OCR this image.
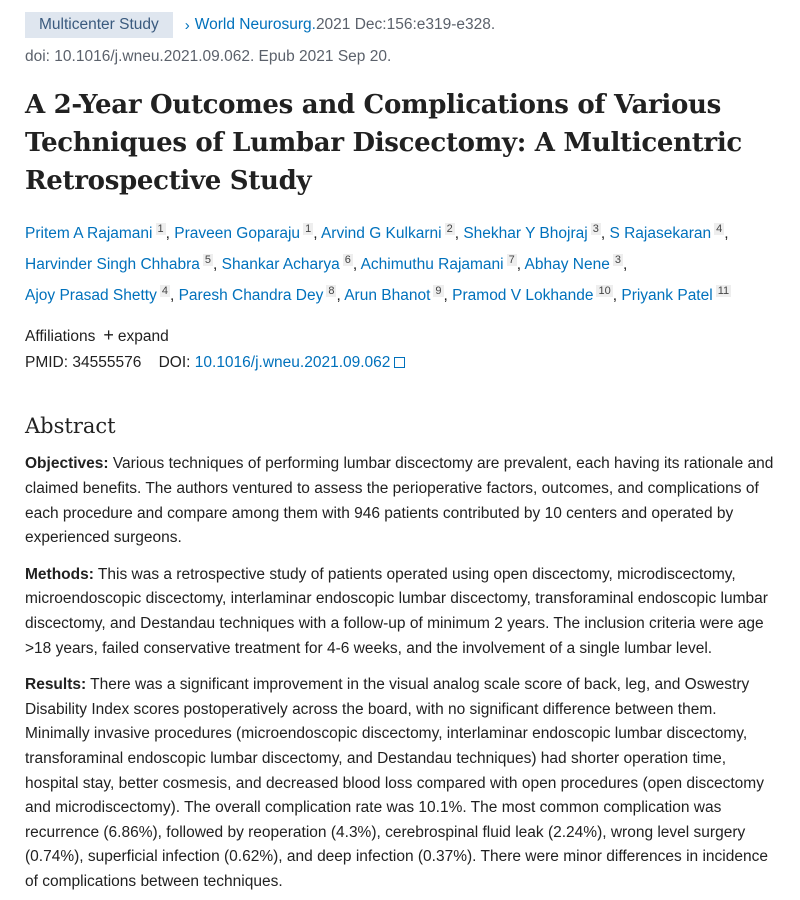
Multicenter Study	› World Neurosurg. 2021 Dec:156:e319-e328.
doi: 10.1016/j.wneu.2021.09.062. Epub 2021 Sep 20.
A 2-Year Outcomes and Complications of Various Techniques of Lumbar Discectomy: A Multicentric Retrospective Study
Pritem A Rajamani $^1$ , Praveen Goparaju $^1$ , Arvind G Kulkarni $^2$ , Shekhar Y Bhojraj $^3$ , S Rajasekaran $^4$ ,
Harvinder Singh Chhabra $^5$ , Shankar Acharya $^6$ , Achimuthu Rajamani $^7$ , Abhay Nene $^3$ ,
Ajoy Prasad Shetty $^4$ , Paresh Chandra Dey $^8$ , Arun Bhanot $^9$ , Pramod V Lokhande $^{10}$ , Priyank Patel $^{11}$
Affiliations + expand
PMID: 34555576 DOI: 10.1016/j.wneu.2021.09.062
Abstract

Objectives: Various techniques of performing lumbar discectomy are prevalent, each having its rationale and claimed benefits. The authors ventured to assess the perioperative factors, outcomes, and complications of each procedure and compare among them with 946 patients contributed by 10 centers and operated by experienced surgeons.

Methods: This was a retrospective study of patients operated using open discectomy, microdiscectomy, microendoscopic discectomy, interlaminar endoscopic lumbar discectomy, transforaminal endoscopic lumbar discectomy, and Destandau techniques with a follow-up of minimum 2 years. The inclusion criteria were age >18 years, failed conservative treatment for 4-6 weeks, and the involvement of a single lumbar level.

Results: There was a significant improvement in the visual analog scale score of back, leg, and Oswestry Disability Index scores postoperatively across the board, with no significant difference between them. Minimally invasive procedures (microendoscopic discectomy, interlaminar endoscopic lumbar discectomy, transforaminal endoscopic lumbar discectomy, and Destandau techniques) had shorter operation time, hospital stay, better cosmesis, and decreased blood loss compared with open procedures (open discectomy and microdiscectomy). The overall complication rate was 10.1%. The most common complication was recurrence (6.86%), followed by reoperation (4.3%), cerebrospinal fluid leak (2.24%), wrong level surgery (0.74%), superficial infection (0.62%), and deep infection (0.37%). There were minor differences in incidence of complications between techniques.
